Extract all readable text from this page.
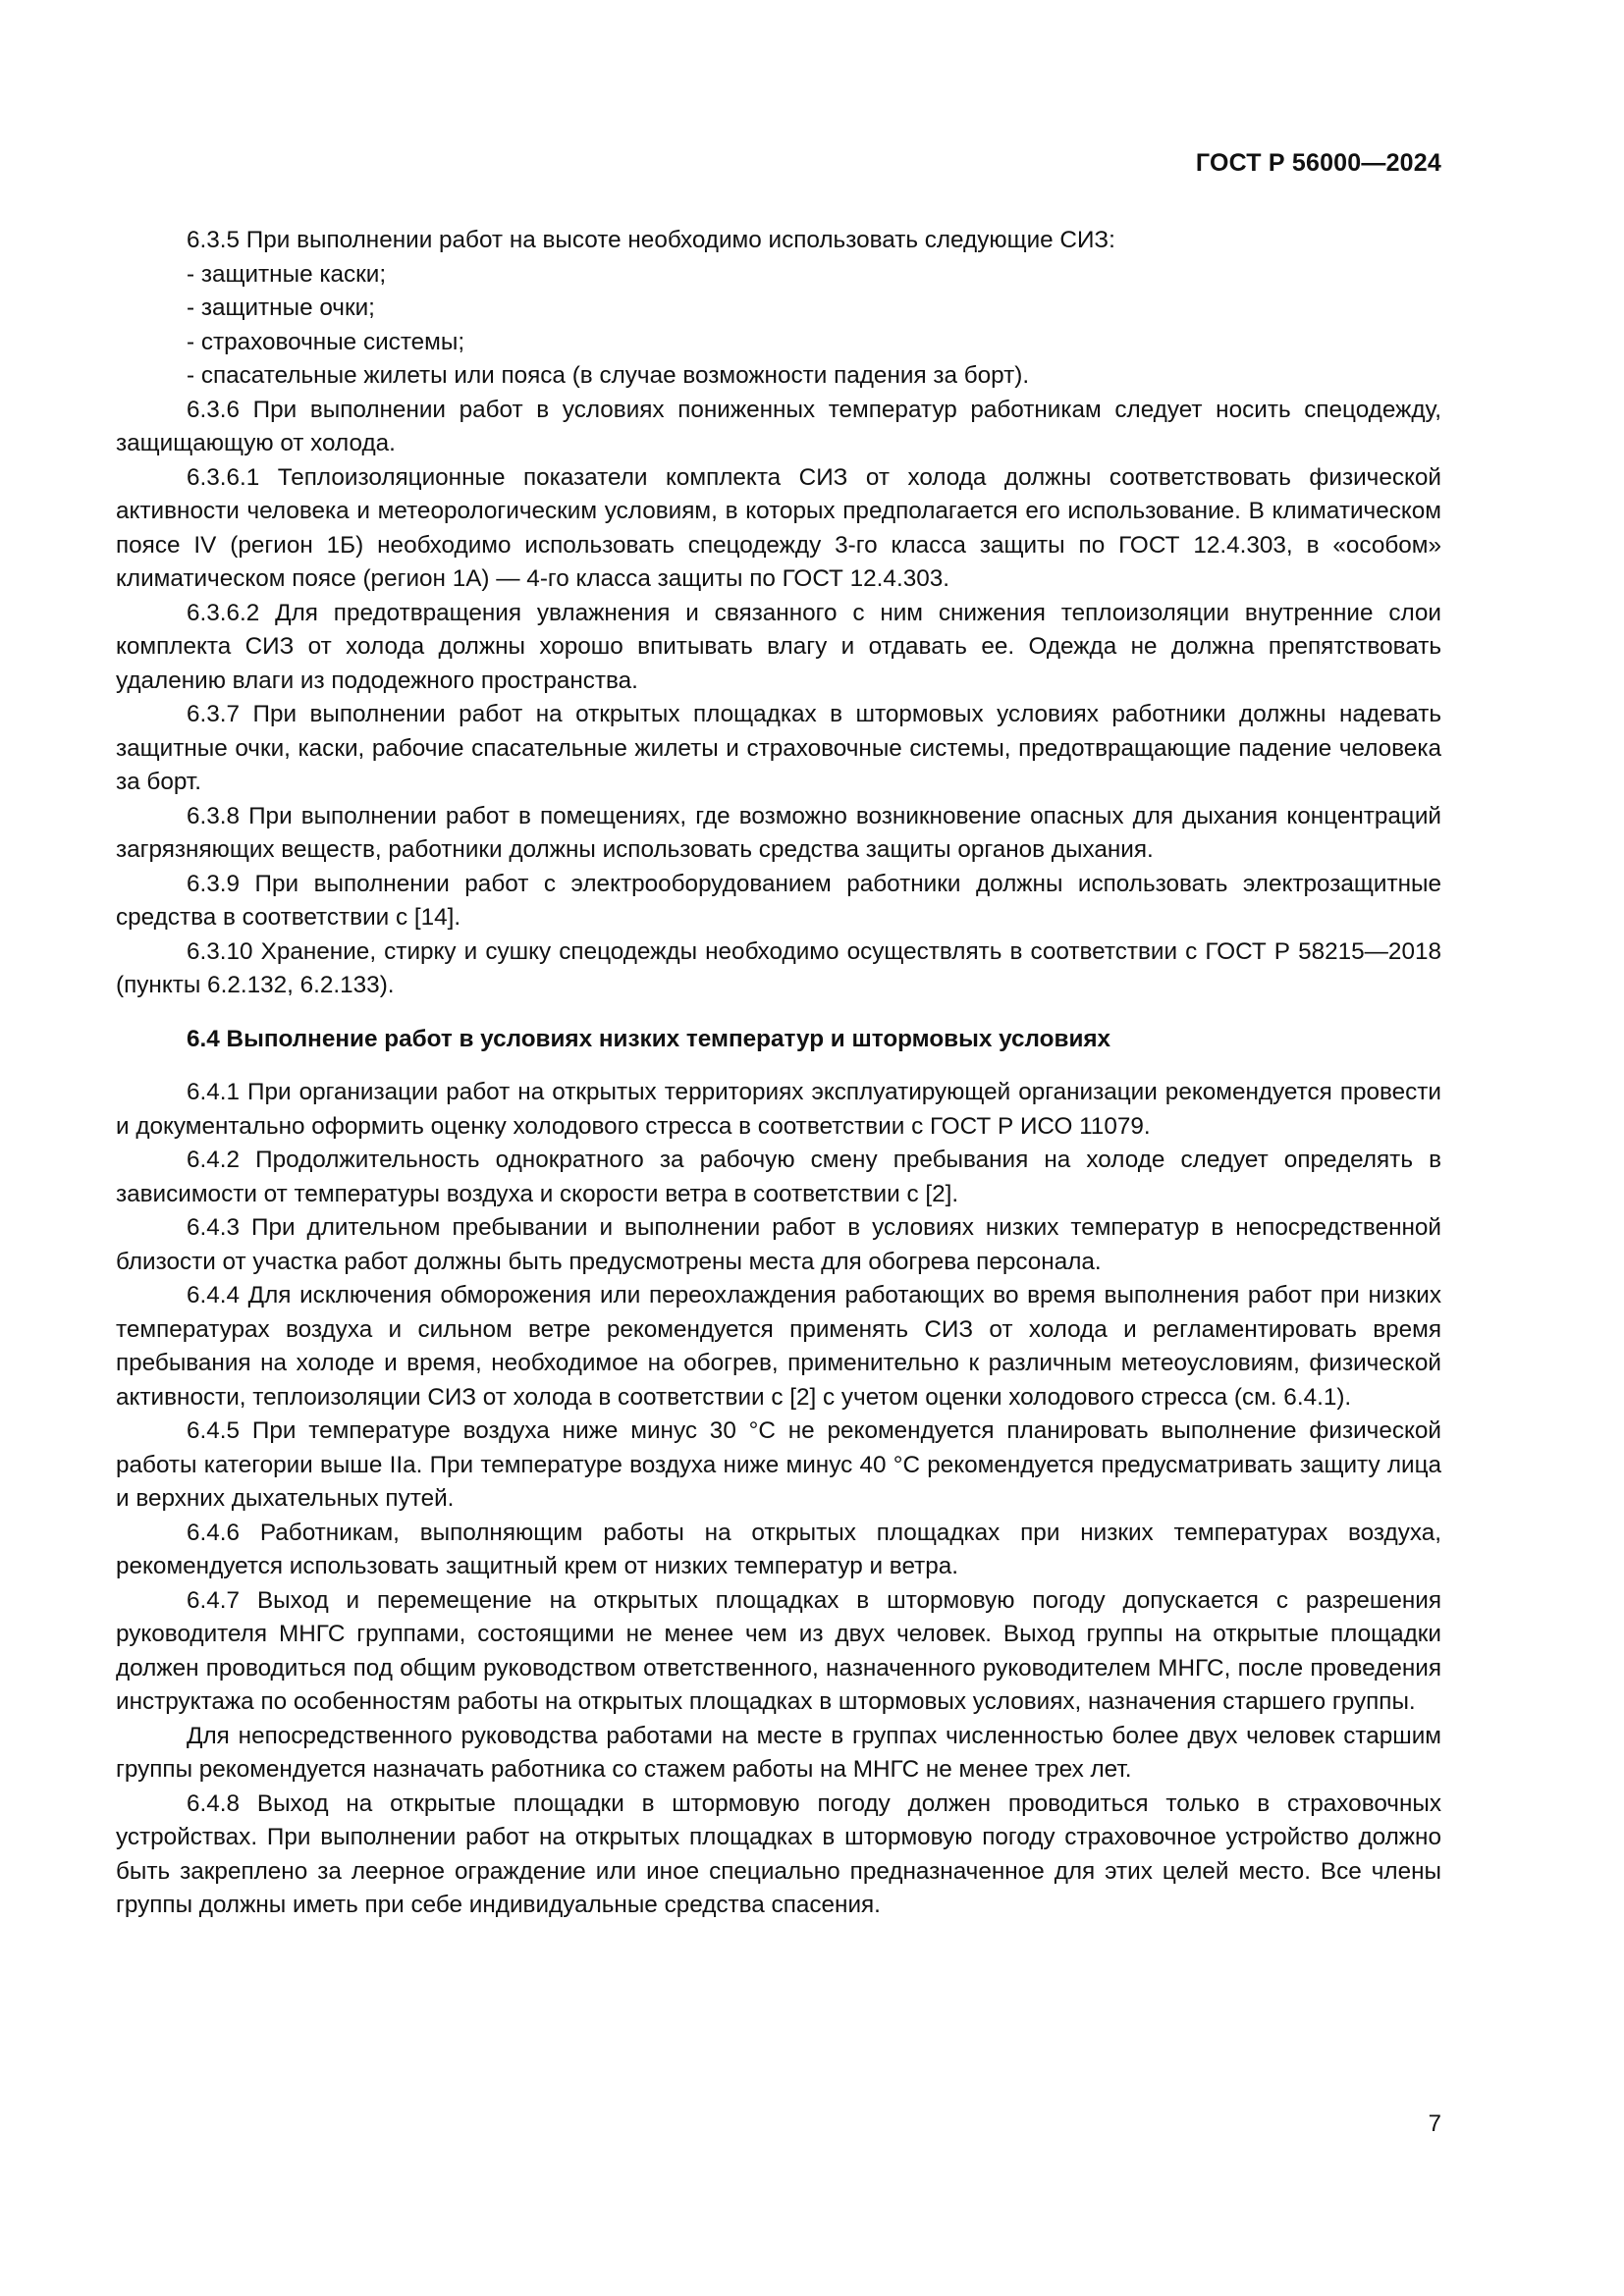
ГОСТ Р 56000—2024

6.3.5 При выполнении работ на высоте необходимо использовать следующие СИЗ:

- защитные каски;

- защитные очки;

- страховочные системы;

- спасательные жилеты или пояса (в случае возможности падения за борт).

6.3.6 При выполнении работ в условиях пониженных температур работникам следует носить спецодежду, защищающую от холода.

6.3.6.1 Теплоизоляционные показатели комплекта СИЗ от холода должны соответствовать физической активности человека и метеорологическим условиям, в которых предполагается его использование. В климатическом поясе IV (регион 1Б) необходимо использовать спецодежду 3-го класса защиты по ГОСТ 12.4.303, в «особом» климатическом поясе (регион 1А) — 4-го класса защиты по ГОСТ 12.4.303.

6.3.6.2 Для предотвращения увлажнения и связанного с ним снижения теплоизоляции внутренние слои комплекта СИЗ от холода должны хорошо впитывать влагу и отдавать ее. Одежда не должна препятствовать удалению влаги из пододежного пространства.

6.3.7 При выполнении работ на открытых площадках в штормовых условиях работники должны надевать защитные очки, каски, рабочие спасательные жилеты и страховочные системы, предотвращающие падение человека за борт.

6.3.8 При выполнении работ в помещениях, где возможно возникновение опасных для дыхания концентраций загрязняющих веществ, работники должны использовать средства защиты органов дыхания.

6.3.9 При выполнении работ с электрооборудованием работники должны использовать электрозащитные средства в соответствии с [14].

6.3.10 Хранение, стирку и сушку спецодежды необходимо осуществлять в соответствии с ГОСТ Р 58215—2018 (пункты 6.2.132, 6.2.133).

6.4 Выполнение работ в условиях низких температур и штормовых условиях

6.4.1 При организации работ на открытых территориях эксплуатирующей организации рекомендуется провести и документально оформить оценку холодового стресса в соответствии с ГОСТ Р ИСО 11079.

6.4.2 Продолжительность однократного за рабочую смену пребывания на холоде следует определять в зависимости от температуры воздуха и скорости ветра в соответствии с [2].

6.4.3 При длительном пребывании и выполнении работ в условиях низких температур в непосредственной близости от участка работ должны быть предусмотрены места для обогрева персонала.

6.4.4 Для исключения обморожения или переохлаждения работающих во время выполнения работ при низких температурах воздуха и сильном ветре рекомендуется применять СИЗ от холода и регламентировать время пребывания на холоде и время, необходимое на обогрев, применительно к различным метеоусловиям, физической активности, теплоизоляции СИЗ от холода в соответствии с [2] с учетом оценки холодового стресса (см. 6.4.1).

6.4.5 При температуре воздуха ниже минус 30 °С не рекомендуется планировать выполнение физической работы категории выше IIa. При температуре воздуха ниже минус 40 °С рекомендуется предусматривать защиту лица и верхних дыхательных путей.

6.4.6 Работникам, выполняющим работы на открытых площадках при низких температурах воздуха, рекомендуется использовать защитный крем от низких температур и ветра.

6.4.7 Выход и перемещение на открытых площадках в штормовую погоду допускается с разрешения руководителя МНГС группами, состоящими не менее чем из двух человек. Выход группы на открытые площадки должен проводиться под общим руководством ответственного, назначенного руководителем МНГС, после проведения инструктажа по особенностям работы на открытых площадках в штормовых условиях, назначения старшего группы.

Для непосредственного руководства работами на месте в группах численностью более двух человек старшим группы рекомендуется назначать работника со стажем работы на МНГС не менее трех лет.

6.4.8 Выход на открытые площадки в штормовую погоду должен проводиться только в страховочных устройствах. При выполнении работ на открытых площадках в штормовую погоду страховочное устройство должно быть закреплено за леерное ограждение или иное специально предназначенное для этих целей место. Все члены группы должны иметь при себе индивидуальные средства спасения.

7
